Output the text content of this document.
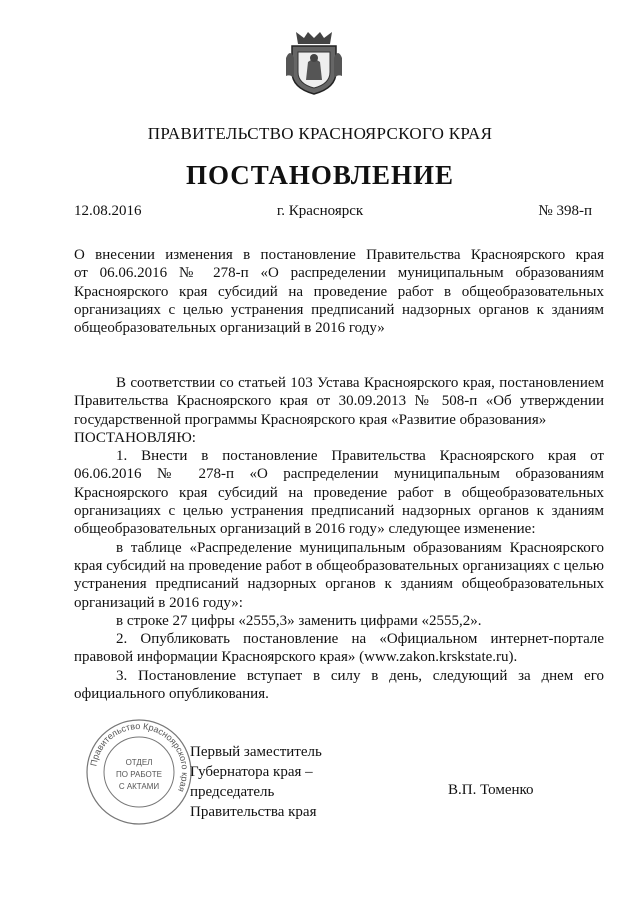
ПРАВИТЕЛЬСТВО КРАСНОЯРСКОГО КРАЯ
ПОСТАНОВЛЕНИЕ
12.08.2016	г. Красноярск	№ 398-п
О внесении изменения в постановление Правительства Красноярского края
от 06.06.2016 № 278-п «О распределении муниципальным образованиям
Красноярского края субсидий на проведение работ в общеобразовательных
организациях с целью устранения предписаний надзорных органов к зданиям
общеобразовательных организаций в 2016 году»

В соответствии со статьей 103 Устава Красноярского края, постановлением Правительства Красноярского края от 30.09.2013 № 508-п «Об утверждении государственной программы Красноярского края «Развитие образования»

ПОСТАНОВЛЯЮ:

1. Внести в постановление Правительства Красноярского края от 06.06.2016 № 278-п «О распределении муниципальным образованиям Красноярского края субсидий на проведение работ в общеобразовательных организациях с целью устранения предписаний надзорных органов к зданиям общеобразовательных организаций в 2016 году» следующее изменение:

в таблице «Распределение муниципальным образованиям Красноярского края субсидий на проведение работ в общеобразовательных организациях с целью устранения предписаний надзорных органов к зданиям общеобразовательных организаций в 2016 году»:

в строке 27 цифры «2555,3» заменить цифрами «2555,2».

2. Опубликовать постановление на «Официальном интернет-портале правовой информации Красноярского края» (www.zakon.krskstate.ru).

3. Постановление вступает в силу в день, следующий за днем его официального опубликования.

Правительство Красноярского края
ОТДЕЛ
ПО РАБОТЕ
С АКТАМИ
Первый заместитель
Губернатора края –
председатель
Правительства края
В.П. Томенко
